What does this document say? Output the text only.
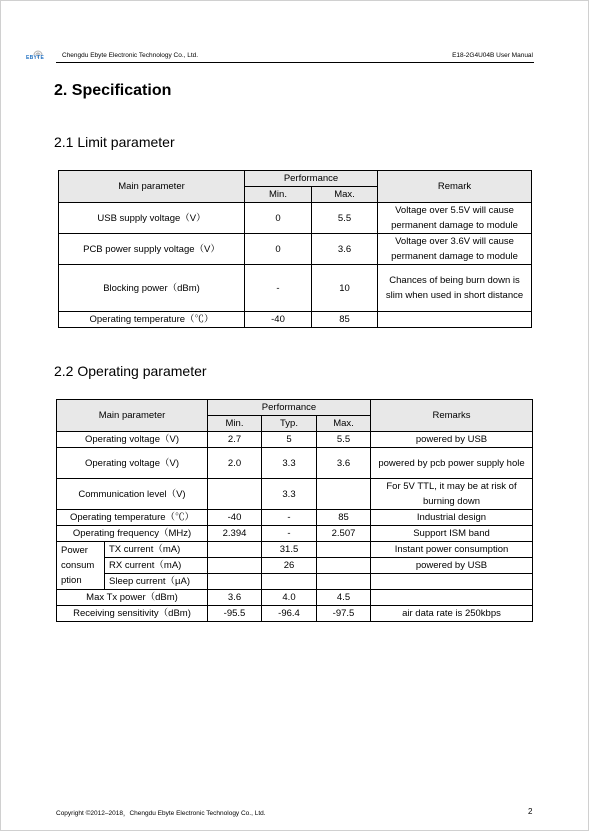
EBYTE	Chengdu Ebyte Electronic Technology Co., Ltd.	E18-2G4U04B User Manual
2. Specification
2.1 Limit parameter
Main parameter	Performance		Remark
	Min.	Max.	
USB supply voltage（V）	0	5.5	Voltage over 5.5V will cause permanent damage to module
PCB power supply voltage（V）	0	3.6	Voltage over 3.6V will cause permanent damage to module
Blocking power（dBm)	-	10	Chances of being burn down is slim when used in short distance
Operating temperature（℃）	-40	85	
2.2 Operating parameter
Main parameter		Performance			Remarks
		Min.	Typ.	Max.	
Operating voltage（V)		2.7	5	5.5	powered by USB
Operating voltage（V)		2.0	3.3	3.6	powered by pcb power supply hole
Communication level（V)			3.3		For 5V TTL, it may be at risk of burning down
Operating temperature（℃）		-40	-	85	Industrial design
Operating frequency（MHz)		2.394	-	2.507	Support ISM band
Power
consum
ption	TX current（mA)		31.5		Instant power consumption
	RX current（mA)		26		powered by USB
	Sleep current（μA)				
Max Tx power（dBm)		3.6	4.0	4.5	
Receiving sensitivity（dBm)		-95.5	-96.4	-97.5	air data rate is 250kbps
Copyright ©2012–2018，Chengdu Ebyte Electronic Technology Co., Ltd.	2
